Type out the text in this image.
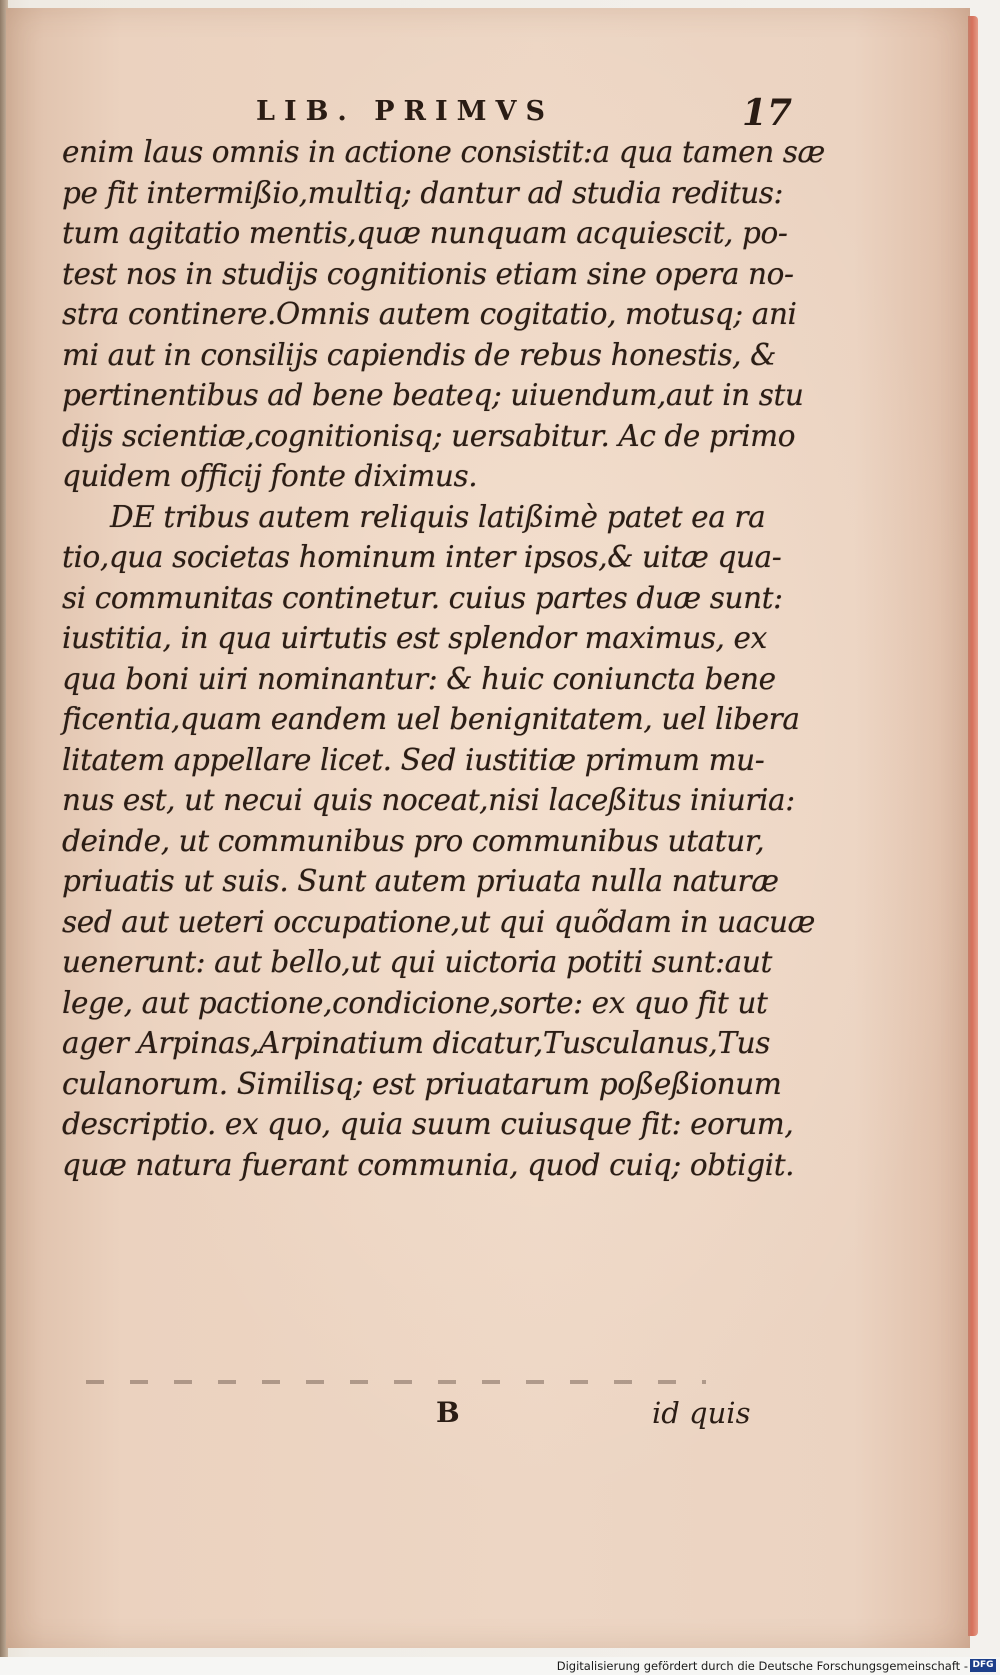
LIB. PRIMVS	17
enim laus omnis in actione consistit:a qua tamen sæ
pe fit intermißio,multiq; dantur ad studia reditus:
tum agitatio mentis,quæ nunquam acquiescit, po-
test nos in studijs cognitionis etiam sine opera no-
stra continere.Omnis autem cogitatio, motusq; ani
mi aut in consilijs capiendis de rebus honestis, &
pertinentibus ad bene beateq; uiuendum,aut in stu
dijs scientiæ,cognitionisq; uersabitur. Ac de primo
quidem officij fonte diximus.
DE tribus autem reliquis latißimè patet ea ra
tio,qua societas hominum inter ipsos,& uitæ qua-
si communitas continetur. cuius partes duæ sunt:
iustitia, in qua uirtutis est splendor maximus, ex
qua boni uiri nominantur: & huic coniuncta bene
ficentia,quam eandem uel benignitatem, uel libera
litatem appellare licet. Sed iustitiæ primum mu-
nus est, ut necui quis noceat,nisi laceßitus iniuria:
deinde, ut communibus pro communibus utatur,
priuatis ut suis. Sunt autem priuata nulla naturæ
sed aut ueteri occupatione,ut qui quõdam in uacuæ
uenerunt: aut bello,ut qui uictoria potiti sunt:aut
lege, aut pactione,condicione,sorte: ex quo fit ut
ager Arpinas,Arpinatium dicatur,Tusculanus,Tus
culanorum. Similisq; est priuatarum poßeßionum
descriptio. ex quo, quia suum cuiusque fit: eorum,
quæ natura fuerant communia, quod cuiq; obtigit.
B	id quis
Digitalisierung gefördert durch die Deutsche Forschungsgemeinschaft - DFG
